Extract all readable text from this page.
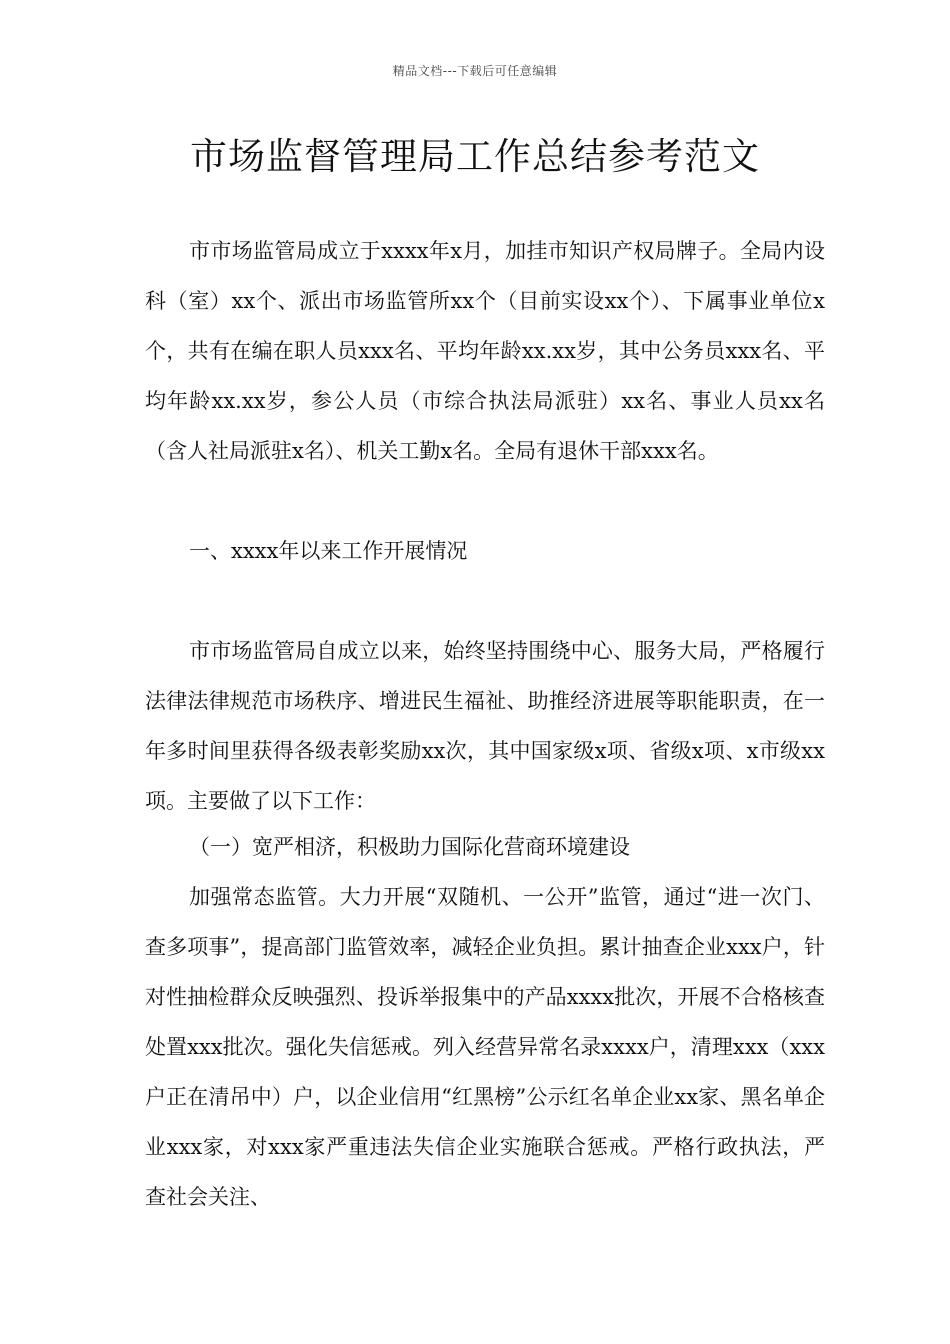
精品文档---下载后可任意编辑
市场监督管理局工作总结参考范文

市市场监管局成立于xxxx年x月，加挂市知识产权局牌子。全局内设科（室）xx个、派出市场监管所xx个（目前实设xx个）、下属事业单位x个，共有在编在职人员xxx名、平均年龄xx.xx岁，其中公务员xxx名、平均年龄xx.xx岁，参公人员（市综合执法局派驻）xx名、事业人员xx名（含人社局派驻x名）、机关工勤x名。全局有退休干部xxx名。

一、xxxx年以来工作开展情况

市市场监管局自成立以来，始终坚持围绕中心、服务大局，严格履行法律法律规范市场秩序、增进民生福祉、助推经济进展等职能职责，在一年多时间里获得各级表彰奖励xx次，其中国家级x项、省级x项、x市级xx项。主要做了以下工作：

（一）宽严相济，积极助力国际化营商环境建设

加强常态监管。大力开展“双随机、一公开”监管，通过“进一次门、查多项事”，提高部门监管效率，减轻企业负担。累计抽查企业xxx户，针对性抽检群众反映强烈、投诉举报集中的产品xxxx批次，开展不合格核查处置xxx批次。强化失信惩戒。列入经营异常名录xxxx户，清理xxx（xxx户正在清吊中）户，以企业信用“红黑榜”公示红名单企业xx家、黑名单企业xxx家，对xxx家严重违法失信企业实施联合惩戒。严格行政执法，严查社会关注、
